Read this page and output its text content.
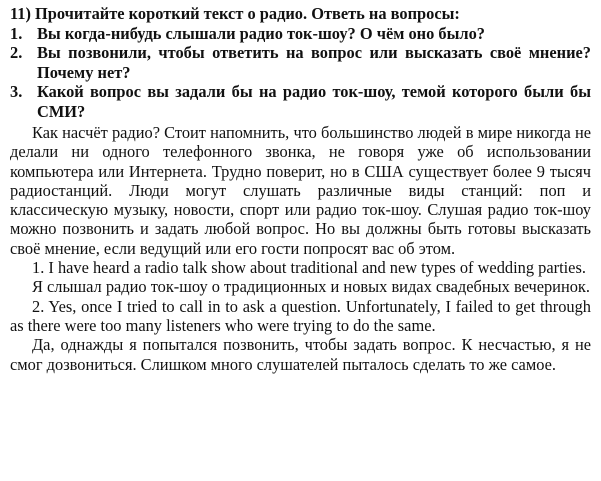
11) Прочитайте короткий текст о радио. Ответь на вопросы:
1. Вы когда-нибудь слышали радио ток-шоу? О чём оно было?
2. Вы позвонили, чтобы ответить на вопрос или высказать своё мнение? Почему нет?
3. Какой вопрос вы задали бы на радио ток-шоу, темой которого были бы СМИ?

Как насчёт радио? Стоит напомнить, что большинство людей в мире никогда не делали ни одного телефонного звонка, не говоря уже об использовании компьютера или Интернета. Трудно поверит, но в США существует более 9 тысяч радиостанций. Люди могут слушать различные виды станций: поп и классическую музыку, новости, спорт или радио ток-шоу. Слушая радио ток-шоу можно позвонить и задать любой вопрос. Но вы должны быть готовы высказать своё мнение, если ведущий или его гости попросят вас об этом.

1. I have heard a radio talk show about traditional and new types of wedding parties.

Я слышал радио ток-шоу о традиционных и новых видах свадебных вечеринок.

2. Yes, once I tried to call in to ask a question. Unfortunately, I failed to get through as there were too many listeners who were trying to do the same.

Да, однажды я попытался позвонить, чтобы задать вопрос. К несчастью, я не смог дозвониться. Слишком много слушателей пыталось сделать то же самое.
